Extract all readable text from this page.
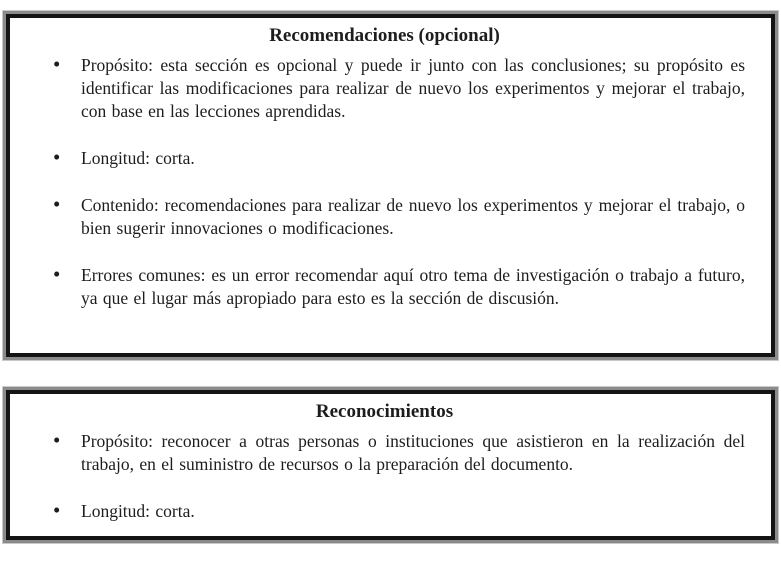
Recomendaciones (opcional)
• Propósito: esta sección es opcional y puede ir junto con las conclusiones; su propósito es identificar las modificaciones para realizar de nuevo los experimentos y mejorar el trabajo, con base en las lecciones aprendidas.
• Longitud: corta.
• Contenido: recomendaciones para realizar de nuevo los experimentos y mejorar el trabajo, o bien sugerir innovaciones o modificaciones.
• Errores comunes: es un error recomendar aquí otro tema de investigación o trabajo a futuro, ya que el lugar más apropiado para esto es la sección de discusión.
Reconocimientos
• Propósito: reconocer a otras personas o instituciones que asistieron en la realización del trabajo, en el suministro de recursos o la preparación del documento.
• Longitud: corta.
